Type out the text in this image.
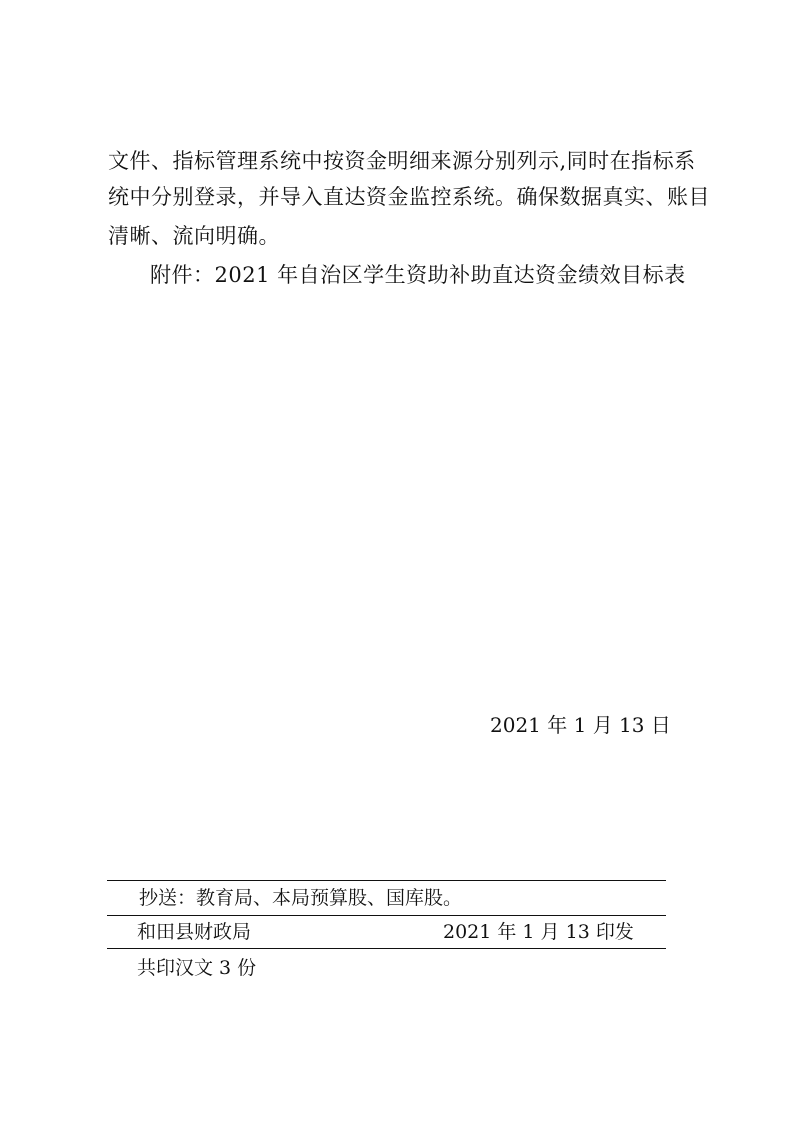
文件、指标管理系统中按资金明细来源分别列示,同时在指标系
统中分别登录，并导入直达资金监控系统。确保数据真实、账目
清晰、流向明确。
附件：2021 年自治区学生资助补助直达资金绩效目标表
2021 年 1 月 13 日
抄送：教育局、本局预算股、国库股。
和田县财政局	2021 年 1 月 13 印发
共印汉文 3 份
